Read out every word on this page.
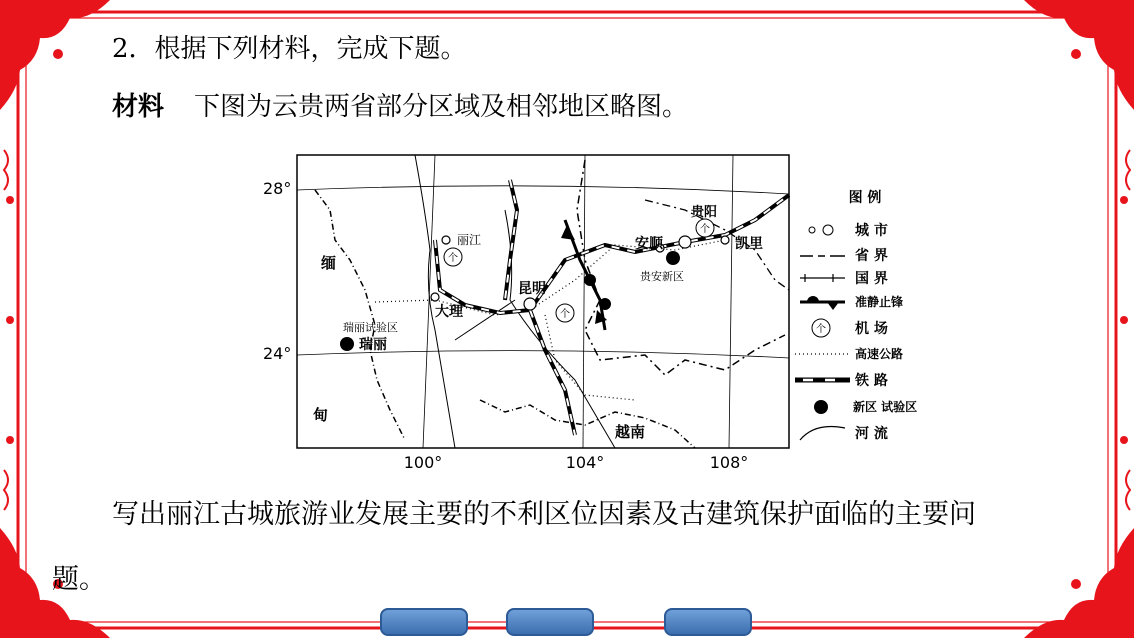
2．根据下列材料，完成下题。
材料 下图为云贵两省部分区域及相邻地区略图。
个
个
个
28°
24°
100°	104°	108°
缅
甸
越南
丽江
大理
昆明
瑞丽试验区
瑞丽
安顺
贵阳
凯里
贵安新区
图 例
城 市
省 界
国 界
准静止锋
个 机 场
高速公路
铁 路
新区 试验区
河 流
写出丽江古城旅游业发展主要的不利区位因素及古建筑保护面临的主要问
题。
